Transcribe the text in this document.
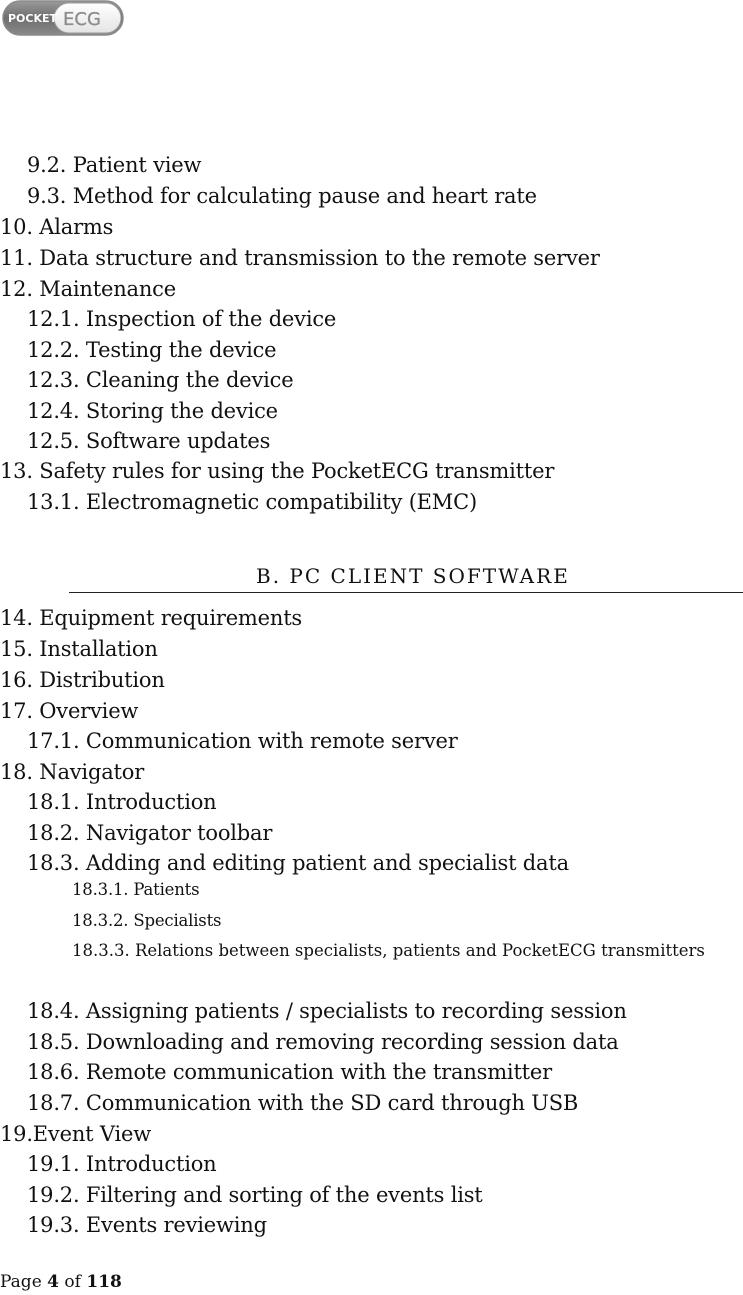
POCKET ECG
9.2. Patient view
9.3. Method for calculating pause and heart rate
10. Alarms
11. Data structure and transmission to the remote server
12. Maintenance
12.1. Inspection of the device
12.2. Testing the device
12.3. Cleaning the device
12.4. Storing the device
12.5. Software updates
13. Safety rules for using the PocketECG transmitter
13.1. Electromagnetic compatibility (EMC)
B. PC CLIENT SOFTWARE
14. Equipment requirements
15. Installation
16. Distribution
17. Overview
17.1. Communication with remote server
18. Navigator
18.1. Introduction
18.2. Navigator toolbar
18.3. Adding and editing patient and specialist data
18.3.1. Patients
18.3.2. Specialists
18.3.3. Relations between specialists, patients and PocketECG transmitters
18.4. Assigning patients / specialists to recording session
18.5. Downloading and removing recording session data
18.6. Remote communication with the transmitter
18.7. Communication with the SD card through USB
19.Event View
19.1. Introduction
19.2. Filtering and sorting of the events list
19.3. Events reviewing
Page 4 of 118
